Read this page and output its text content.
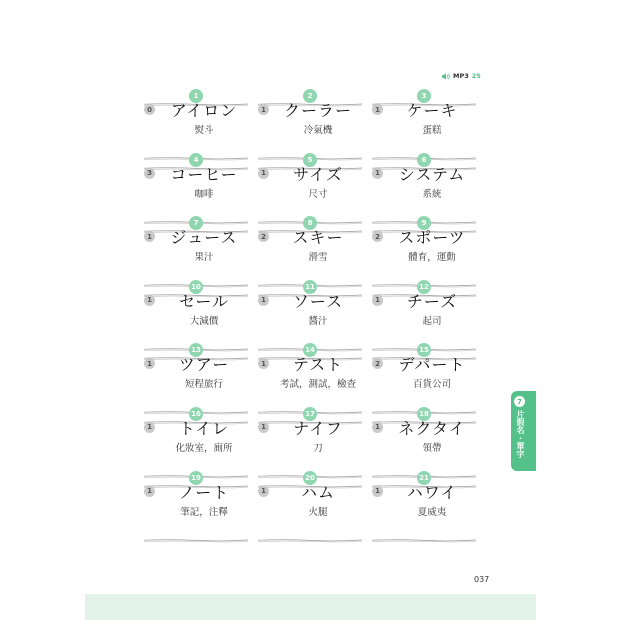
MP3 25
1
0	アイロン
熨斗
2
1	クーラー
冷氣機
3
1	ケーキ
蛋糕
4
3	コーヒー
咖啡
5
1	サイズ
尺寸
6
1	システム
系統
7
1	ジュース
果汁
8
2	スキー
滑雪
9
2	スポーツ
體育，運動
10
1	セール
大減價
11
1	ソース
醬汁
12
1	チーズ
起司
13
1	ツアー
短程旅行
14
1	テスト
考試，測試，檢查
15
2	デパート
百貨公司
16
1	トイレ
化妝室，廁所
17
1	ナイフ
刀
18
1	ネクタイ
領帶
19
1	ノート
筆記，注釋
20
1	ハム
火腿
21
1	ハワイ
夏威夷
7
片假名・單字
037
